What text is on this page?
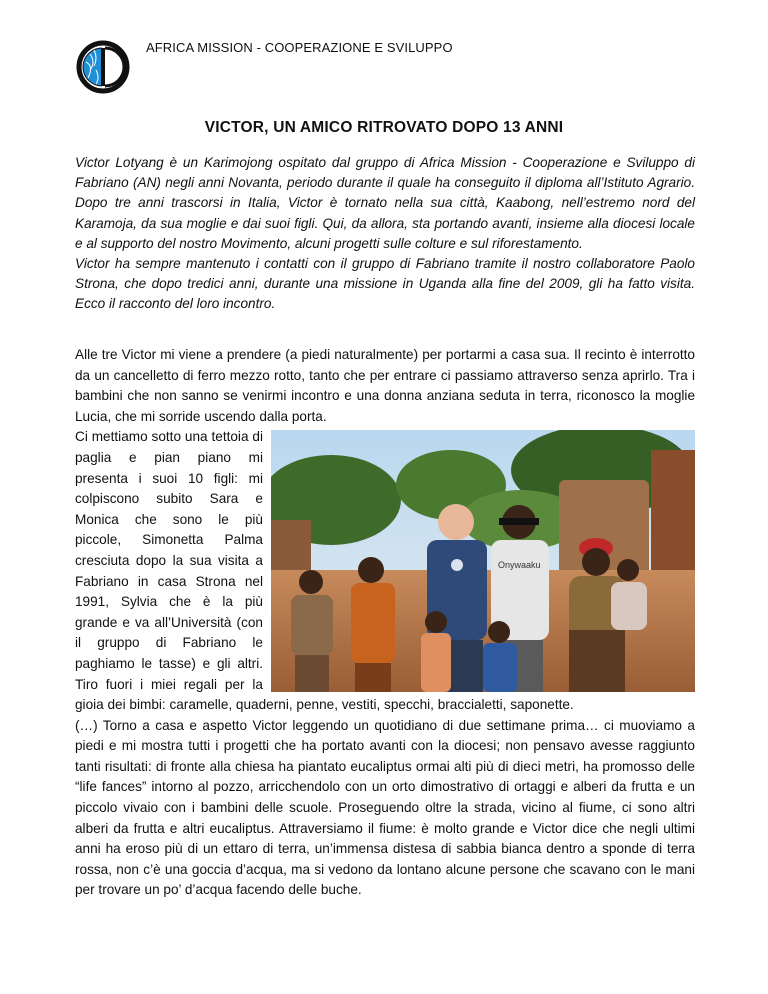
AFRICA MISSION - COOPERAZIONE E SVILUPPO
VICTOR, UN AMICO RITROVATO DOPO 13 ANNI

Victor Lotyang è un Karimojong ospitato dal gruppo di Africa Mission - Cooperazione e Sviluppo di Fabriano (AN) negli anni Novanta, periodo durante il quale ha conseguito il diploma all’Istituto Agrario. Dopo tre anni trascorsi in Italia, Victor è tornato nella sua città, Kaabong, nell’estremo nord del Karamoja, da sua moglie e dai suoi figli. Qui, da allora, sta portando avanti, insieme alla diocesi locale e al supporto del nostro Movimento, alcuni progetti sulle colture e sul riforestamento.

Victor ha sempre mantenuto i contatti con il gruppo di Fabriano tramite il nostro collaboratore Paolo Strona, che dopo tredici anni, durante una missione in Uganda alla fine del 2009, gli ha fatto visita. Ecco il racconto del loro incontro.

Alle tre Victor mi viene a prendere (a piedi naturalmente) per portarmi a casa sua. Il recinto è interrotto da un cancelletto di ferro mezzo rotto, tanto che per entrare ci passiamo attraverso senza aprirlo. Tra i bambini che non sanno se venirmi incontro e una donna anziana seduta in terra, riconosco la moglie Lucia, che mi sorride uscendo dalla porta.

Onywaaku

Ci mettiamo sotto una tettoia di paglia e pian piano mi presenta i suoi 10 figli: mi colpiscono subito Sara e Monica che sono le più piccole, Simonetta Palma cresciuta dopo la sua visita a Fabriano in casa Strona nel 1991, Sylvia che è la più grande e va all’Università (con il gruppo di Fabriano le paghiamo le tasse) e gli altri. Tiro fuori i miei regali per la gioia dei bimbi: caramelle, quaderni, penne, vestiti, specchi, braccialetti, saponette.

(…) Torno a casa e aspetto Victor leggendo un quotidiano di due settimane prima… ci muoviamo a piedi e mi mostra tutti i progetti che ha portato avanti con la diocesi; non pensavo avesse raggiunto tanti risultati: di fronte alla chiesa ha piantato eucaliptus ormai alti più di dieci metri, ha promosso delle “life fances” intorno al pozzo, arricchendolo con un orto dimostrativo di ortaggi e alberi da frutta e un piccolo vivaio con i bambini delle scuole. Proseguendo oltre la strada, vicino al fiume, ci sono altri alberi da frutta e altri eucaliptus. Attraversiamo il fiume: è molto grande e Victor dice che negli ultimi anni ha eroso più di un ettaro di terra, un’immensa distesa di sabbia bianca dentro a sponde di terra rossa, non c’è una goccia d’acqua, ma si vedono da lontano alcune persone che scavano con le mani per trovare un po’ d’acqua facendo delle buche.
